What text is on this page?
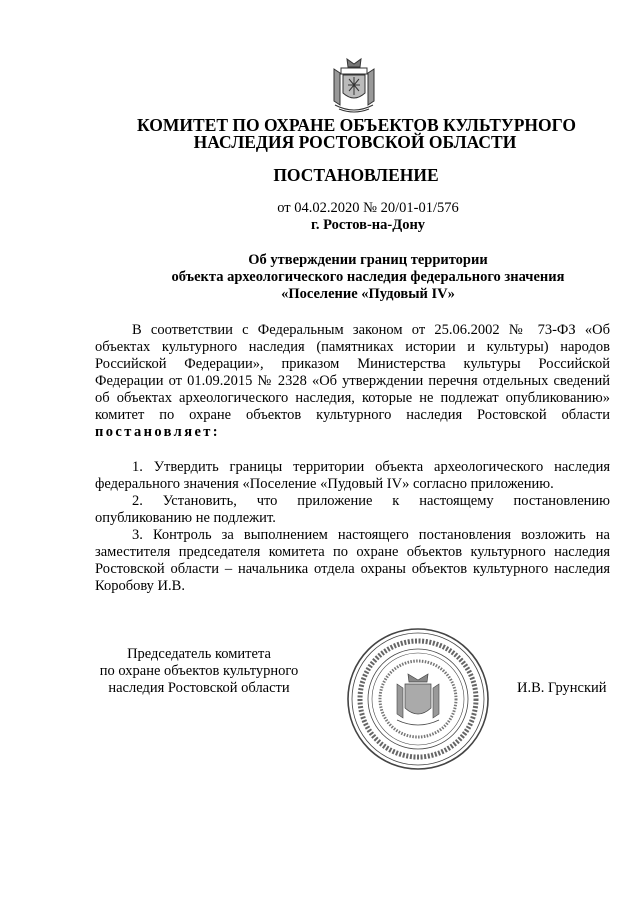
КОМИТЕТ ПО ОХРАНЕ ОБЪЕКТОВ КУЛЬТУРНОГО
НАСЛЕДИЯ РОСТОВСКОЙ ОБЛАСТИ
ПОСТАНОВЛЕНИЕ
от 04.02.2020 № 20/01-01/576
г. Ростов-на-Дону
Об утверждении границ территории
объекта археологического наследия федерального значения
«Поселение «Пудовый IV»

В соответствии с Федеральным законом от 25.06.2002 № 73-ФЗ «Об объектах культурного наследия (памятниках истории и культуры) народов Российской Федерации», приказом Министерства культуры Российской Федерации от 01.09.2015 № 2328 «Об утверждении перечня отдельных сведений об объектах археологического наследия, которые не подлежат опубликованию» комитет по охране объектов культурного наследия Ростовской области постановляет:

1. Утвердить границы территории объекта археологического наследия федерального значения «Поселение «Пудовый IV» согласно приложению.

2. Установить, что приложение к настоящему постановлению опубликованию не подлежит.

3. Контроль за выполнением настоящего постановления возложить на заместителя председателя комитета по охране объектов культурного наследия Ростовской области – начальника отдела охраны объектов культурного наследия Коробову И.В.

Председатель комитета
по охране объектов культурного
наследия Ростовской области	И.В. Грунский
